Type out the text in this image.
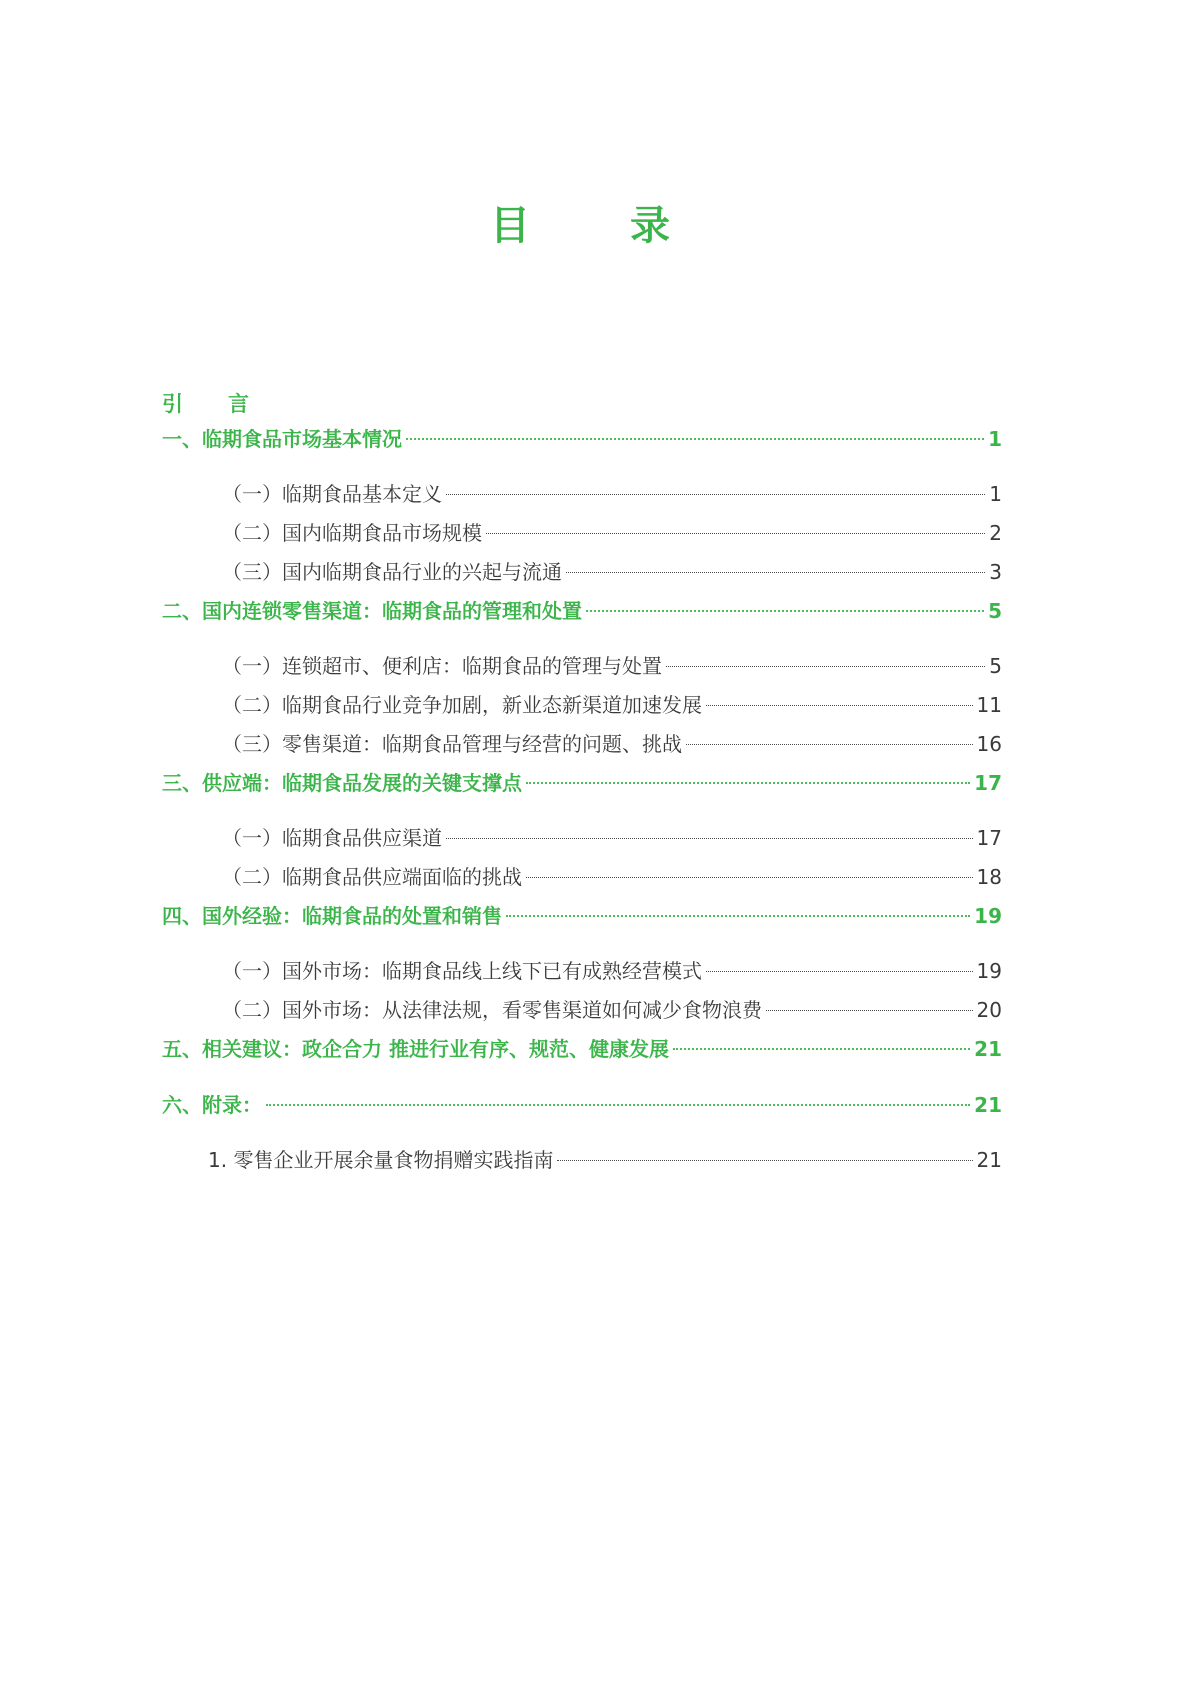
目　录
引　言
一、临期食品市场基本情况	1
（一）临期食品基本定义	1
（二）国内临期食品市场规模	2
（三）国内临期食品行业的兴起与流通	3
二、国内连锁零售渠道：临期食品的管理和处置	5
（一）连锁超市、便利店：临期食品的管理与处置	5
（二）临期食品行业竞争加剧，新业态新渠道加速发展	11
（三）零售渠道：临期食品管理与经营的问题、挑战	16
三、供应端：临期食品发展的关键支撑点	17
（一）临期食品供应渠道	17
（二）临期食品供应端面临的挑战	18
四、国外经验：临期食品的处置和销售	19
（一）国外市场：临期食品线上线下已有成熟经营模式	19
（二）国外市场：从法律法规，看零售渠道如何减少食物浪费	20
五、相关建议：政企合力 推进行业有序、规范、健康发展	21
六、附录：	21
1. 零售企业开展余量食物捐赠实践指南	21
